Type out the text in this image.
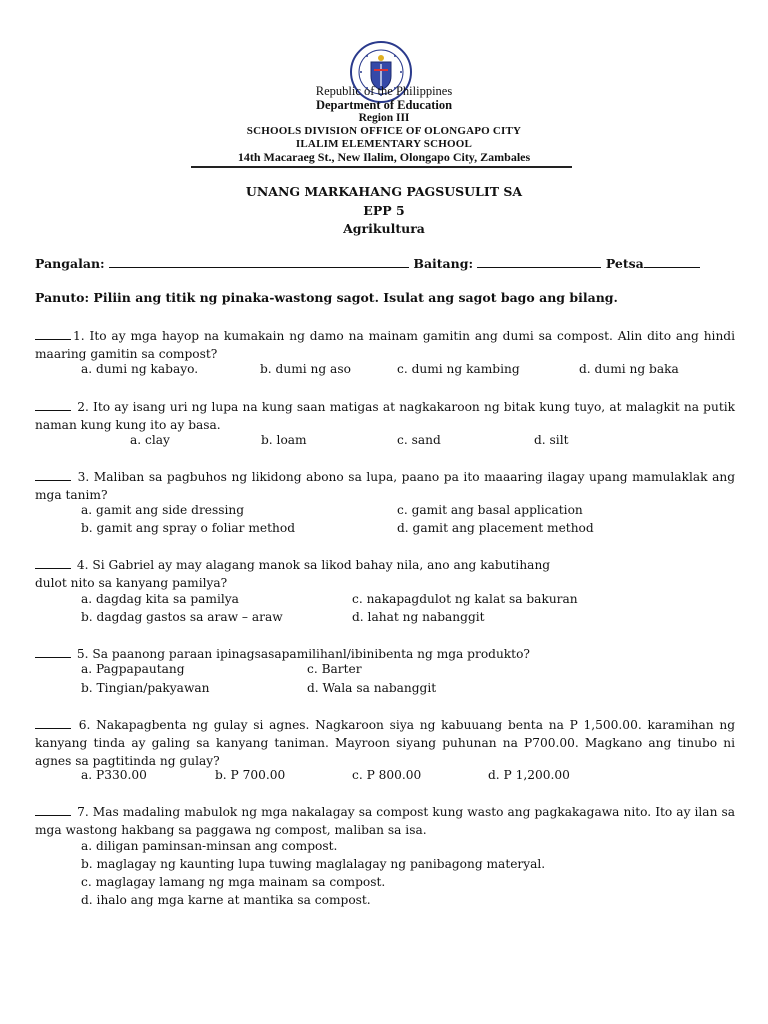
Republic of the Philippines
Department of Education
Region III
SCHOOLS DIVISION OFFICE OF OLONGAPO CITY
ILALIM ELEMENTARY SCHOOL
14th Macaraeg St., New Ilalim, Olongapo City, Zambales
UNANG MARKAHANG PAGSUSULIT SA
EPP 5
Agrikultura
Pangalan:	Baitang:	Petsa
Panuto: Piliin ang titik ng pinaka-wastong sagot. Isulat ang sagot bago ang bilang.
1. Ito ay mga hayop na kumakain ng damo na mainam gamitin ang dumi sa compost. Alin dito ang hindi maaring gamitin sa compost?
a. dumi ng kabayo.	b. dumi ng aso	c. dumi ng kambing	d. dumi ng baka
2. Ito ay isang uri ng lupa na kung saan matigas at nagkakaroon ng bitak kung tuyo, at malagkit na putik naman kung kung ito ay basa.
a. clay	b. loam	c. sand	d. silt
3. Maliban sa pagbuhos ng likidong abono sa lupa, paano pa ito maaaring ilagay upang mamulaklak ang mga tanim?
a. gamit ang side dressing	c. gamit ang basal application
b. gamit ang spray o foliar method	d. gamit ang placement method
4. Si Gabriel ay may alagang manok sa likod bahay nila, ano ang kabutihang
dulot nito sa kanyang pamilya?
a. dagdag kita sa pamilya	c. nakapagdulot ng kalat sa bakuran
b. dagdag gastos sa araw – araw	d. lahat ng nabanggit
5. Sa paanong paraan ipinagsasapamilihanl/ibinibenta ng mga produkto?
a. Pagpapautang	c. Barter
b. Tingian/pakyawan	d. Wala sa nabanggit
6. Nakapagbenta ng gulay si agnes. Nagkaroon siya ng kabuuang benta na P 1,500.00. karamihan ng kanyang tinda ay galing sa kanyang taniman. Mayroon siyang puhunan na P700.00. Magkano ang tinubo ni agnes sa pagtitinda ng gulay?
a. P330.00	b. P 700.00	c. P 800.00	d. P 1,200.00
7. Mas madaling mabulok ng mga nakalagay sa compost kung wasto ang pagkakagawa nito. Ito ay ilan sa mga wastong hakbang sa paggawa ng compost, maliban sa isa.
a. diligan paminsan-minsan ang compost.
b. maglagay ng kaunting lupa tuwing maglalagay ng panibagong materyal.
c. maglagay lamang ng mga mainam sa compost.
d. ihalo ang mga karne at mantika sa compost.
